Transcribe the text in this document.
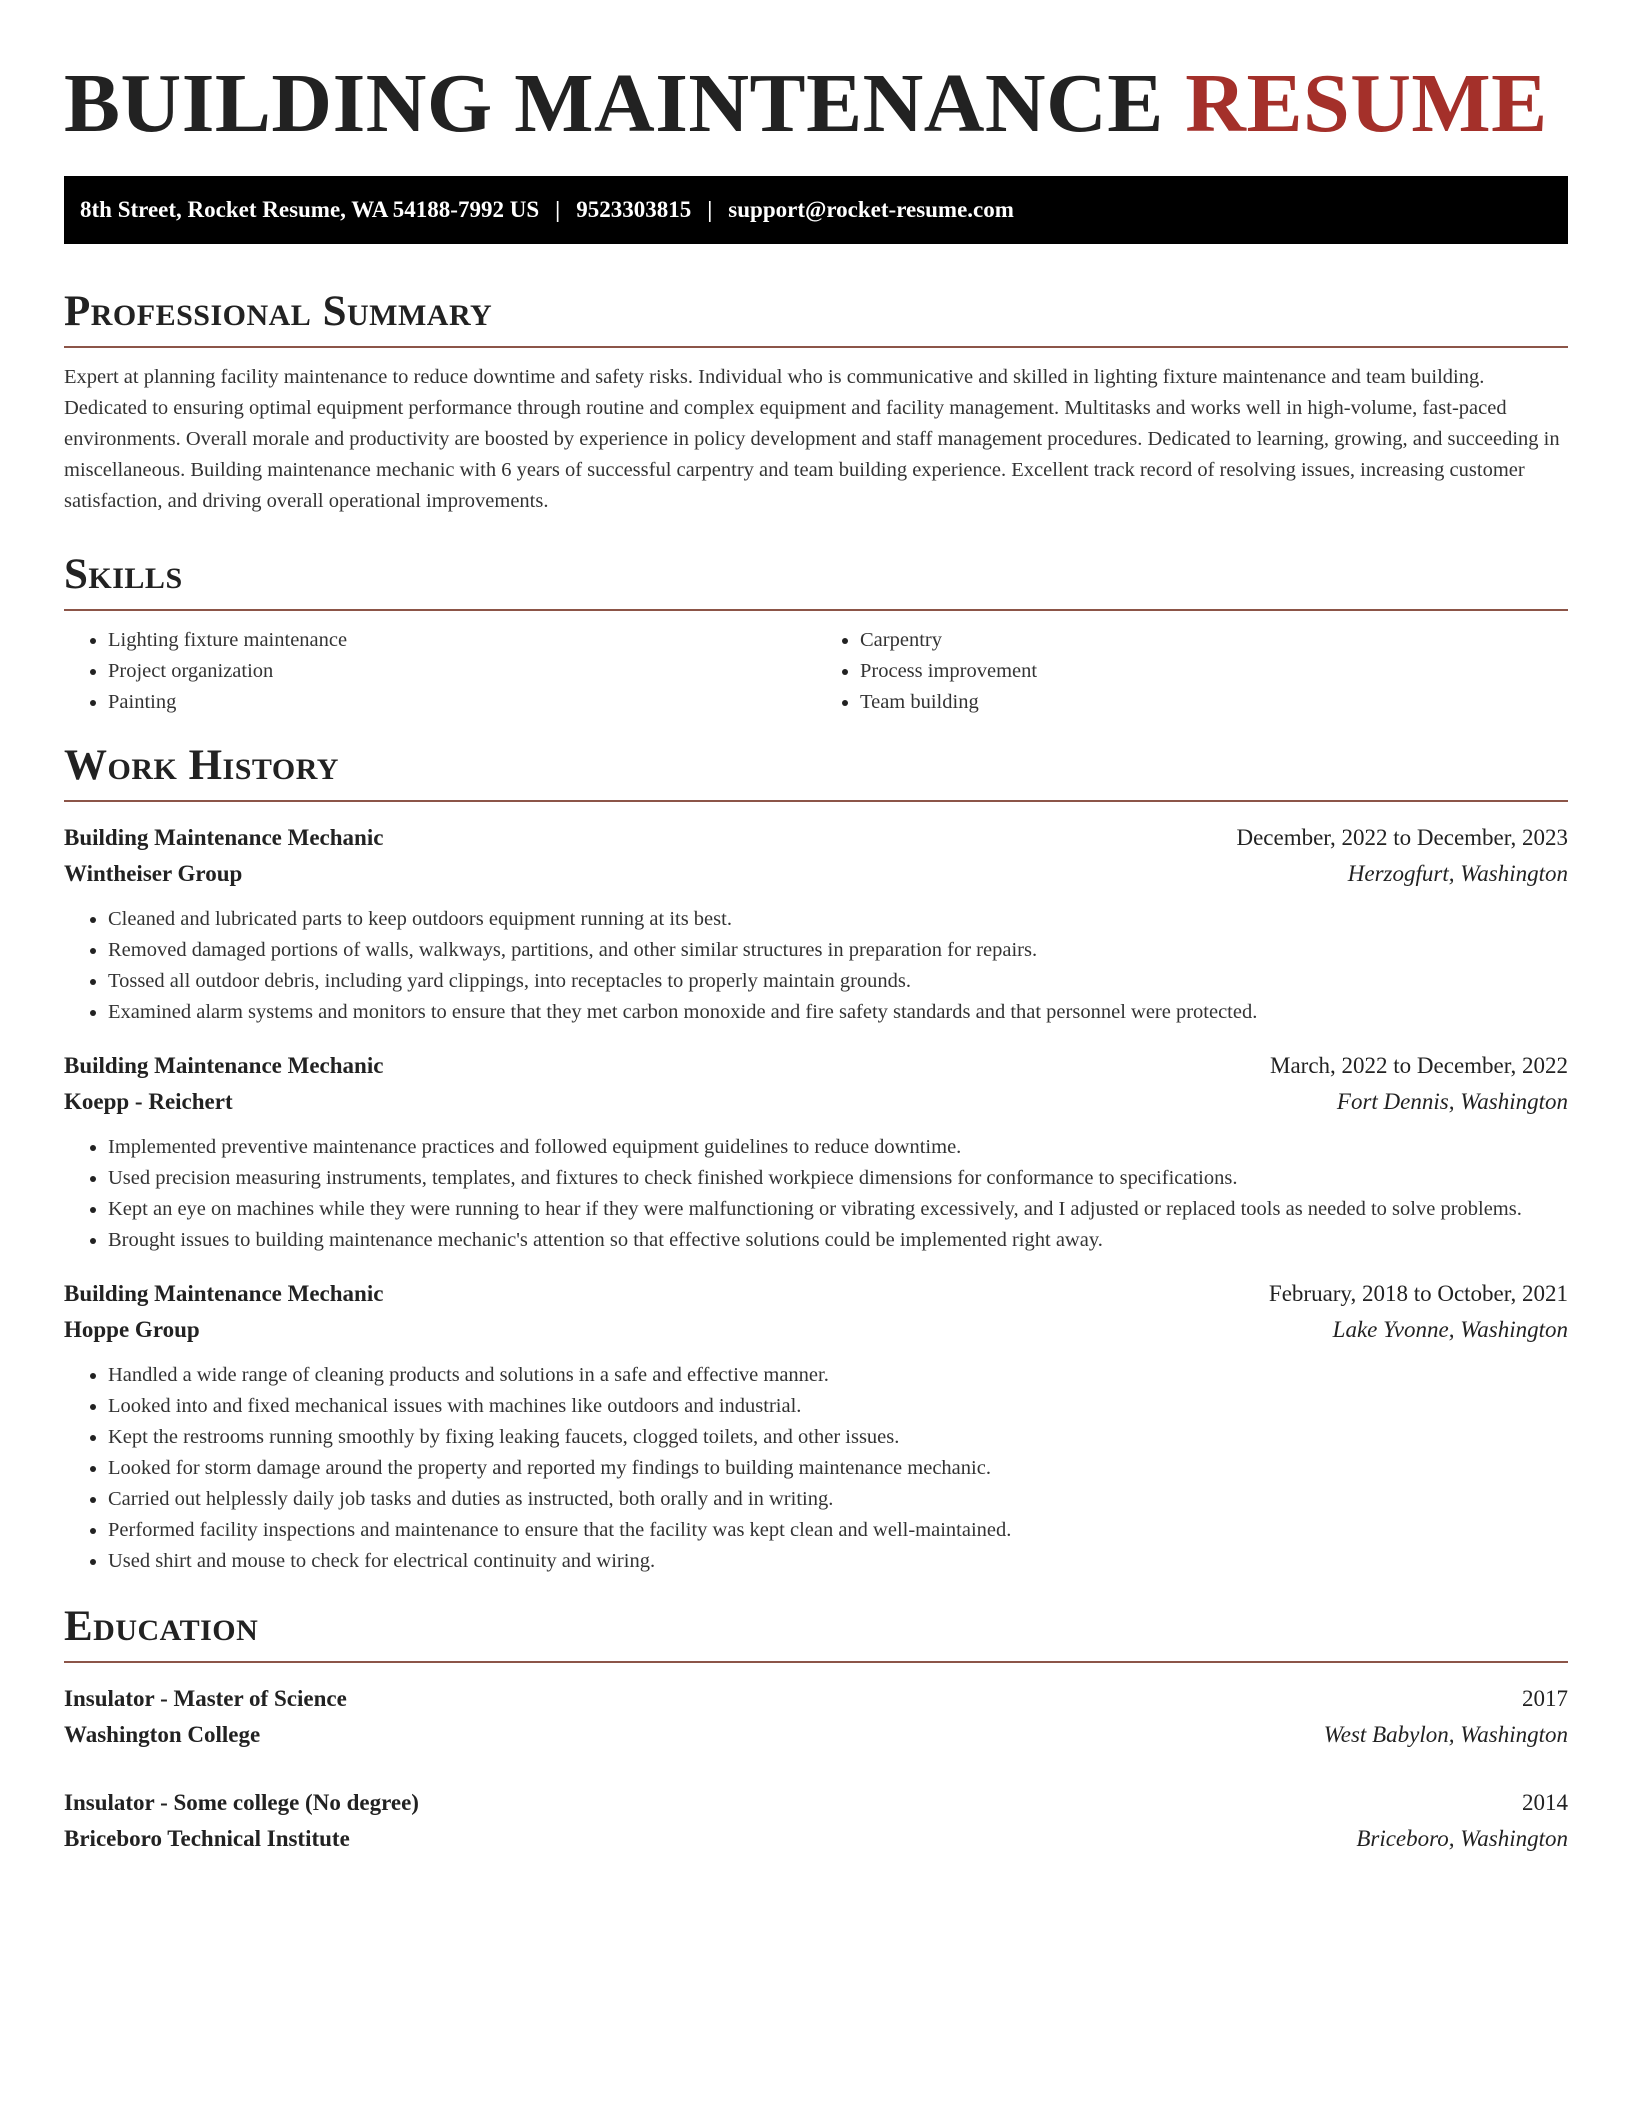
BUILDING MAINTENANCE RESUME
8th Street, Rocket Resume, WA 54188-7992 US | 9523303815 | support@rocket-resume.com
Professional Summary

Expert at planning facility maintenance to reduce downtime and safety risks. Individual who is communicative and skilled in lighting fixture maintenance and team building. Dedicated to ensuring optimal equipment performance through routine and complex equipment and facility management. Multitasks and works well in high-volume, fast-paced environments. Overall morale and productivity are boosted by experience in policy development and staff management procedures. Dedicated to learning, growing, and succeeding in miscellaneous. Building maintenance mechanic with 6 years of successful carpentry and team building experience. Excellent track record of resolving issues, increasing customer satisfaction, and driving overall operational improvements.

Skills
• Lighting fixture maintenance
• Project organization
• Painting
• Carpentry
• Process improvement
• Team building
Work History
Building Maintenance Mechanic	December, 2022 to December, 2023
Wintheiser Group	Herzogfurt, Washington
• Cleaned and lubricated parts to keep outdoors equipment running at its best.
• Removed damaged portions of walls, walkways, partitions, and other similar structures in preparation for repairs.
• Tossed all outdoor debris, including yard clippings, into receptacles to properly maintain grounds.
• Examined alarm systems and monitors to ensure that they met carbon monoxide and fire safety standards and that personnel were protected.
Building Maintenance Mechanic	March, 2022 to December, 2022
Koepp - Reichert	Fort Dennis, Washington
• Implemented preventive maintenance practices and followed equipment guidelines to reduce downtime.
• Used precision measuring instruments, templates, and fixtures to check finished workpiece dimensions for conformance to specifications.
• Kept an eye on machines while they were running to hear if they were malfunctioning or vibrating excessively, and I adjusted or replaced tools as needed to solve problems.
• Brought issues to building maintenance mechanic's attention so that effective solutions could be implemented right away.
Building Maintenance Mechanic	February, 2018 to October, 2021
Hoppe Group	Lake Yvonne, Washington
• Handled a wide range of cleaning products and solutions in a safe and effective manner.
• Looked into and fixed mechanical issues with machines like outdoors and industrial.
• Kept the restrooms running smoothly by fixing leaking faucets, clogged toilets, and other issues.
• Looked for storm damage around the property and reported my findings to building maintenance mechanic.
• Carried out helplessly daily job tasks and duties as instructed, both orally and in writing.
• Performed facility inspections and maintenance to ensure that the facility was kept clean and well-maintained.
• Used shirt and mouse to check for electrical continuity and wiring.
Education
Insulator - Master of Science	2017
Washington College	West Babylon, Washington
Insulator - Some college (No degree)	2014
Briceboro Technical Institute	Briceboro, Washington
